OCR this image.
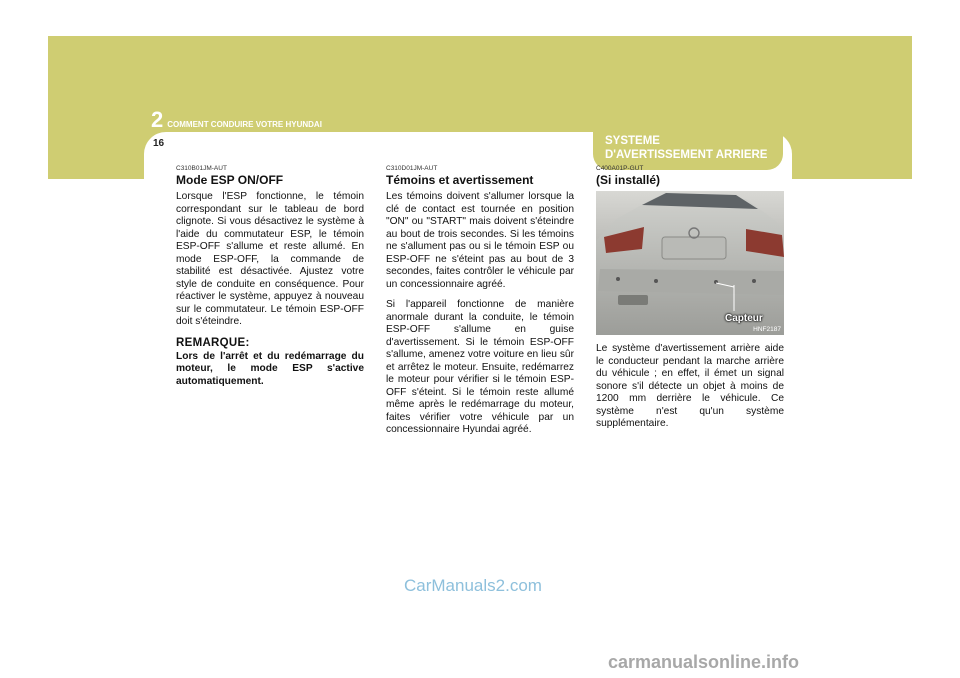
2 COMMENT CONDUIRE VOTRE HYUNDAI
16	SYSTEME
D'AVERTISSEMENT ARRIERE
C310B01JM-AUT
Mode ESP ON/OFF

Lorsque l'ESP fonctionne, le témoin correspondant sur le tableau de bord clignote. Si vous désactivez le système à l'aide du commutateur ESP, le témoin ESP-OFF s'allume et reste allumé. En mode ESP-OFF, la commande de stabilité est désactivée. Ajustez votre style de conduite en conséquence. Pour réactiver le système, appuyez à nouveau sur le commutateur. Le témoin ESP-OFF doit s'éteindre.

REMARQUE:

Lors de l'arrêt et du redémarrage du moteur, le mode ESP s'active automatiquement.

C310D01JM-AUT
Témoins et avertissement

Les témoins doivent s'allumer lorsque la clé de contact est tournée en position "ON" ou "START" mais doivent s'éteindre au bout de trois secondes. Si les témoins ne s'allument pas ou si le témoin ESP ou ESP-OFF ne s'éteint pas au bout de 3 secondes, faites contrôler le véhicule par un concessionnaire agréé.

Si l'appareil fonctionne de manière anormale durant la conduite, le témoin ESP-OFF s'allume en guise d'avertissement. Si le témoin ESP-OFF s'allume, amenez votre voiture en lieu sûr et arrêtez le moteur. Ensuite, redémarrez le moteur pour vérifier si le témoin ESP-OFF s'éteint. Si le témoin reste allumé même après le redémarrage du moteur, faites vérifier votre véhicule par un concessionnaire Hyundai agréé.

C400A01P-GUT
(Si installé)
Capteur
HNF2187

Le système d'avertissement arrière aide le conducteur pendant la marche arrière du véhicule ; en effet, il émet un signal sonore s'il détecte un objet à moins de 1200 mm derrière le véhicule. Ce système n'est qu'un système supplémentaire.

CarManuals2.com
carmanualsonline.info
